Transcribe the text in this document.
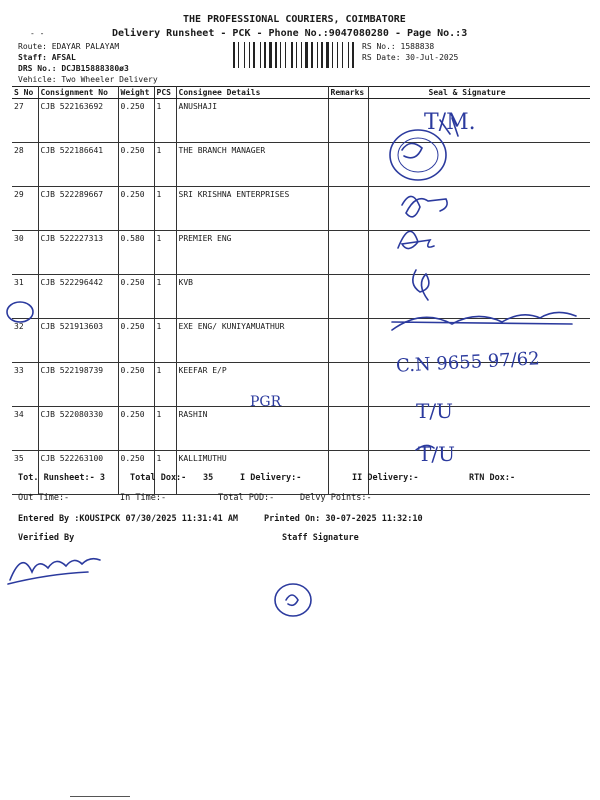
THE PROFESSIONAL COURIERS, COIMBATORE
- -	Delivery Runsheet - PCK - Phone No.:9047080280 - Page No.:3
Route: EDAYAR PALAYAM
Staff: AFSAL
DRS No.: DCJB15888380ø3
Vehicle: Two Wheeler Delivery
RS No.: 1588838
RS Date: 30-Jul-2025
S No	Consignment No	Weight	PCS	Consignee Details	Remarks	Seal & Signature
27	CJB 522163692	0.250	1	ANUSHAJI		
28	CJB 522186641	0.250	1	THE BRANCH MANAGER		
29	CJB 522289667	0.250	1	SRI KRISHNA ENTERPRISES		
30	CJB 522227313	0.580	1	PREMIER ENG		
31	CJB 522296442	0.250	1	KVB		
32	CJB 521913603	0.250	1	EXE ENG/ KUNIYAMUATHUR		
33	CJB 522198739	0.250	1	KEEFAR E/P		
34	CJB 522080330	0.250	1	RASHIN		
35	CJB 522263100	0.250	1	KALLIMUTHU		
T/M.
C.N 9655 97/62
PGR	T/U
T/U
Tot. Runsheet:- 3	Total Dox:- 35	I Delivery:-	II Delivery:-	RTN Dox:-
Out Time:-	In Time:-	Total POD:-	Delvy Points:-
Entered By :KOUSIPCK 07/30/2025 11:31:41 AM	Printed On: 30-07-2025 11:32:10
Verified By	Staff Signature
